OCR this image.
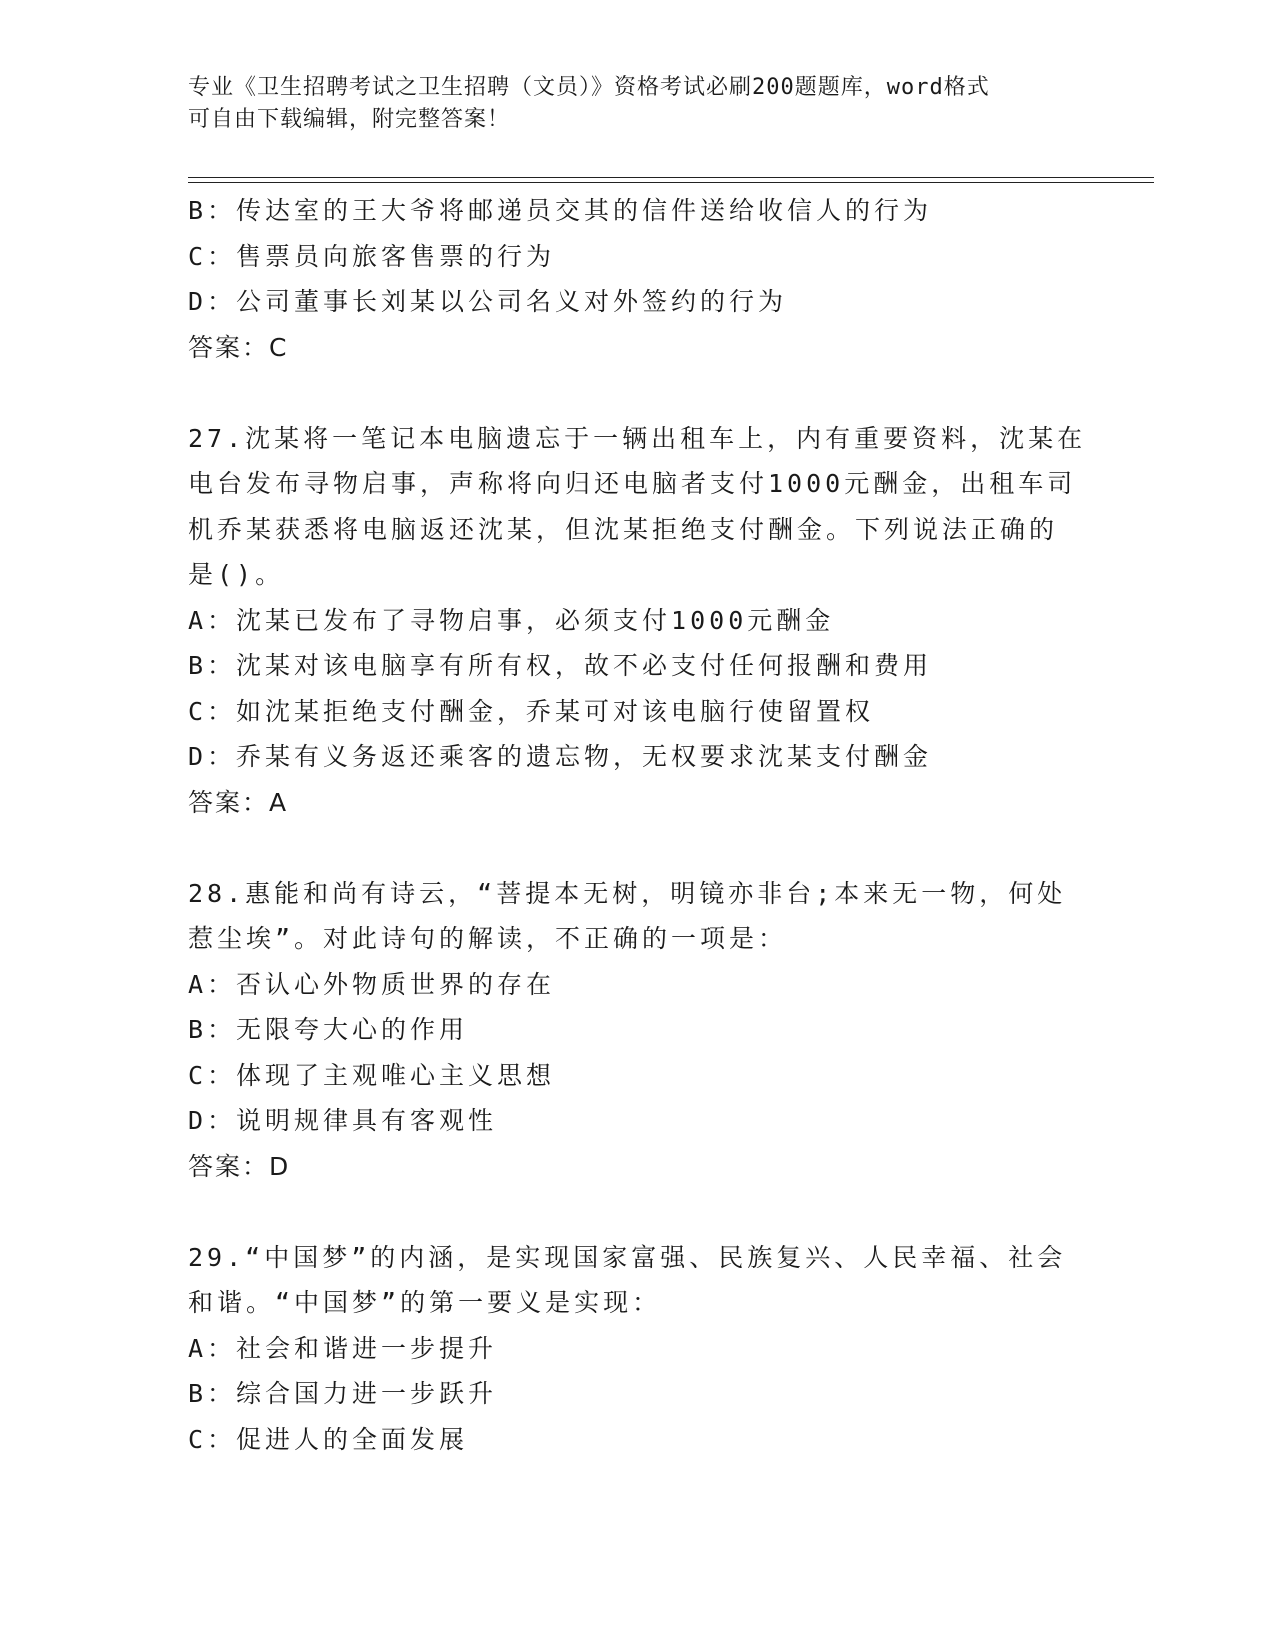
专业《卫生招聘考试之卫生招聘（文员）》资格考试必刷200题题库，word格式
可自由下载编辑，附完整答案！
B：传达室的王大爷将邮递员交其的信件送给收信人的行为
C：售票员向旅客售票的行为
D：公司董事长刘某以公司名义对外签约的行为
答案：C
27.沈某将一笔记本电脑遗忘于一辆出租车上，内有重要资料，沈某在
电台发布寻物启事，声称将向归还电脑者支付1000元酬金，出租车司
机乔某获悉将电脑返还沈某，但沈某拒绝支付酬金。下列说法正确的
是()。
A：沈某已发布了寻物启事，必须支付1000元酬金
B：沈某对该电脑享有所有权，故不必支付任何报酬和费用
C：如沈某拒绝支付酬金，乔某可对该电脑行使留置权
D：乔某有义务返还乘客的遗忘物，无权要求沈某支付酬金
答案：A
28.惠能和尚有诗云，“菩提本无树，明镜亦非台;本来无一物，何处
惹尘埃”。对此诗句的解读，不正确的一项是：
A：否认心外物质世界的存在
B：无限夸大心的作用
C：体现了主观唯心主义思想
D：说明规律具有客观性
答案：D
29.“中国梦”的内涵，是实现国家富强、民族复兴、人民幸福、社会
和谐。“中国梦”的第一要义是实现：
A：社会和谐进一步提升
B：综合国力进一步跃升
C：促进人的全面发展
